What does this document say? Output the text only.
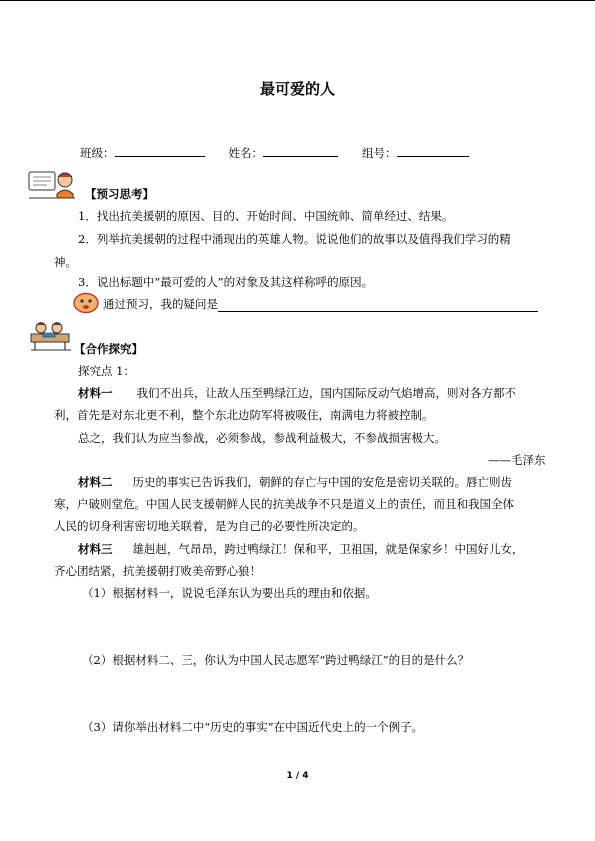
最可爱的人
班级：	姓名：	组号：
【预习思考】
1．找出抗美援朝的原因、目的、开始时间、中国统帅、简单经过、结果。
2．列举抗美援朝的过程中涌现出的英雄人物。说说他们的故事以及值得我们学习的精
神。
3．说出标题中“最可爱的人”的对象及其这样称呼的原因。
通过预习，我的疑问是
【合作探究】
探究点 1：
材料一 我们不出兵，让敌人压至鸭绿江边，国内国际反动气焰增高，则对各方都不
利，首先是对东北更不利，整个东北边防军将被吸住，南满电力将被控制。
总之，我们认为应当参战，必须参战，参战利益极大，不参战损害极大。
——毛泽东
材料二 历史的事实已告诉我们，朝鲜的存亡与中国的安危是密切关联的。唇亡则齿
寒，户破则堂危。中国人民支援朝鲜人民的抗美战争不只是道义上的责任，而且和我国全体
人民的切身利害密切地关联着，是为自己的必要性所决定的。
材料三 雄赳赳，气昂昂，跨过鸭绿江！保和平，卫祖国，就是保家乡！中国好儿女，
齐心团结紧，抗美援朝打败美帝野心狼！
（1）根据材料一，说说毛泽东认为要出兵的理由和依据。
（2）根据材料二、三，你认为中国人民志愿军“跨过鸭绿江”的目的是什么？
（3）请你举出材料二中“历史的事实”在中国近代史上的一个例子。
1 / 4
